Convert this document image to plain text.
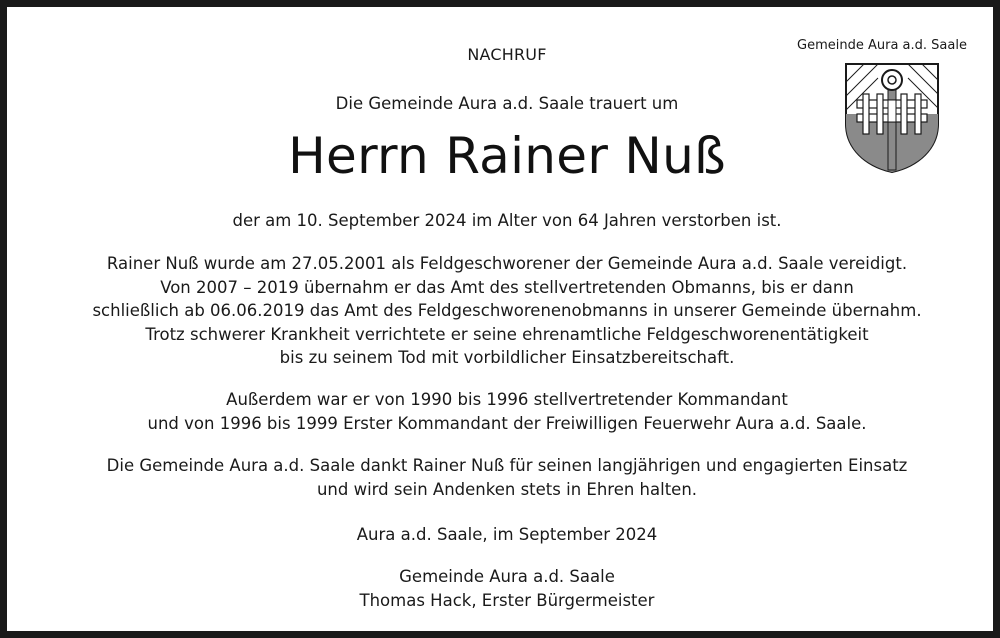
NACHRUF
Die Gemeinde Aura a.d. Saale trauert um
Herrn Rainer Nuß
der am 10. September 2024 im Alter von 64 Jahren verstorben ist.
Rainer Nuß wurde am 27.05.2001 als Feldgeschworener der Gemeinde Aura a.d. Saale vereidigt.
Von 2007 – 2019 übernahm er das Amt des stellvertretenden Obmanns, bis er dann
schließlich ab 06.06.2019 das Amt des Feldgeschworenenobmanns in unserer Gemeinde übernahm.
Trotz schwerer Krankheit verrichtete er seine ehrenamtliche Feldgeschworenentätigkeit
bis zu seinem Tod mit vorbildlicher Einsatzbereitschaft.
Außerdem war er von 1990 bis 1996 stellvertretender Kommandant
und von 1996 bis 1999 Erster Kommandant der Freiwilligen Feuerwehr Aura a.d. Saale.
Die Gemeinde Aura a.d. Saale dankt Rainer Nuß für seinen langjährigen und engagierten Einsatz
und wird sein Andenken stets in Ehren halten.
Aura a.d. Saale, im September 2024
Gemeinde Aura a.d. Saale
Thomas Hack, Erster Bürgermeister
Gemeinde Aura a.d. Saale
